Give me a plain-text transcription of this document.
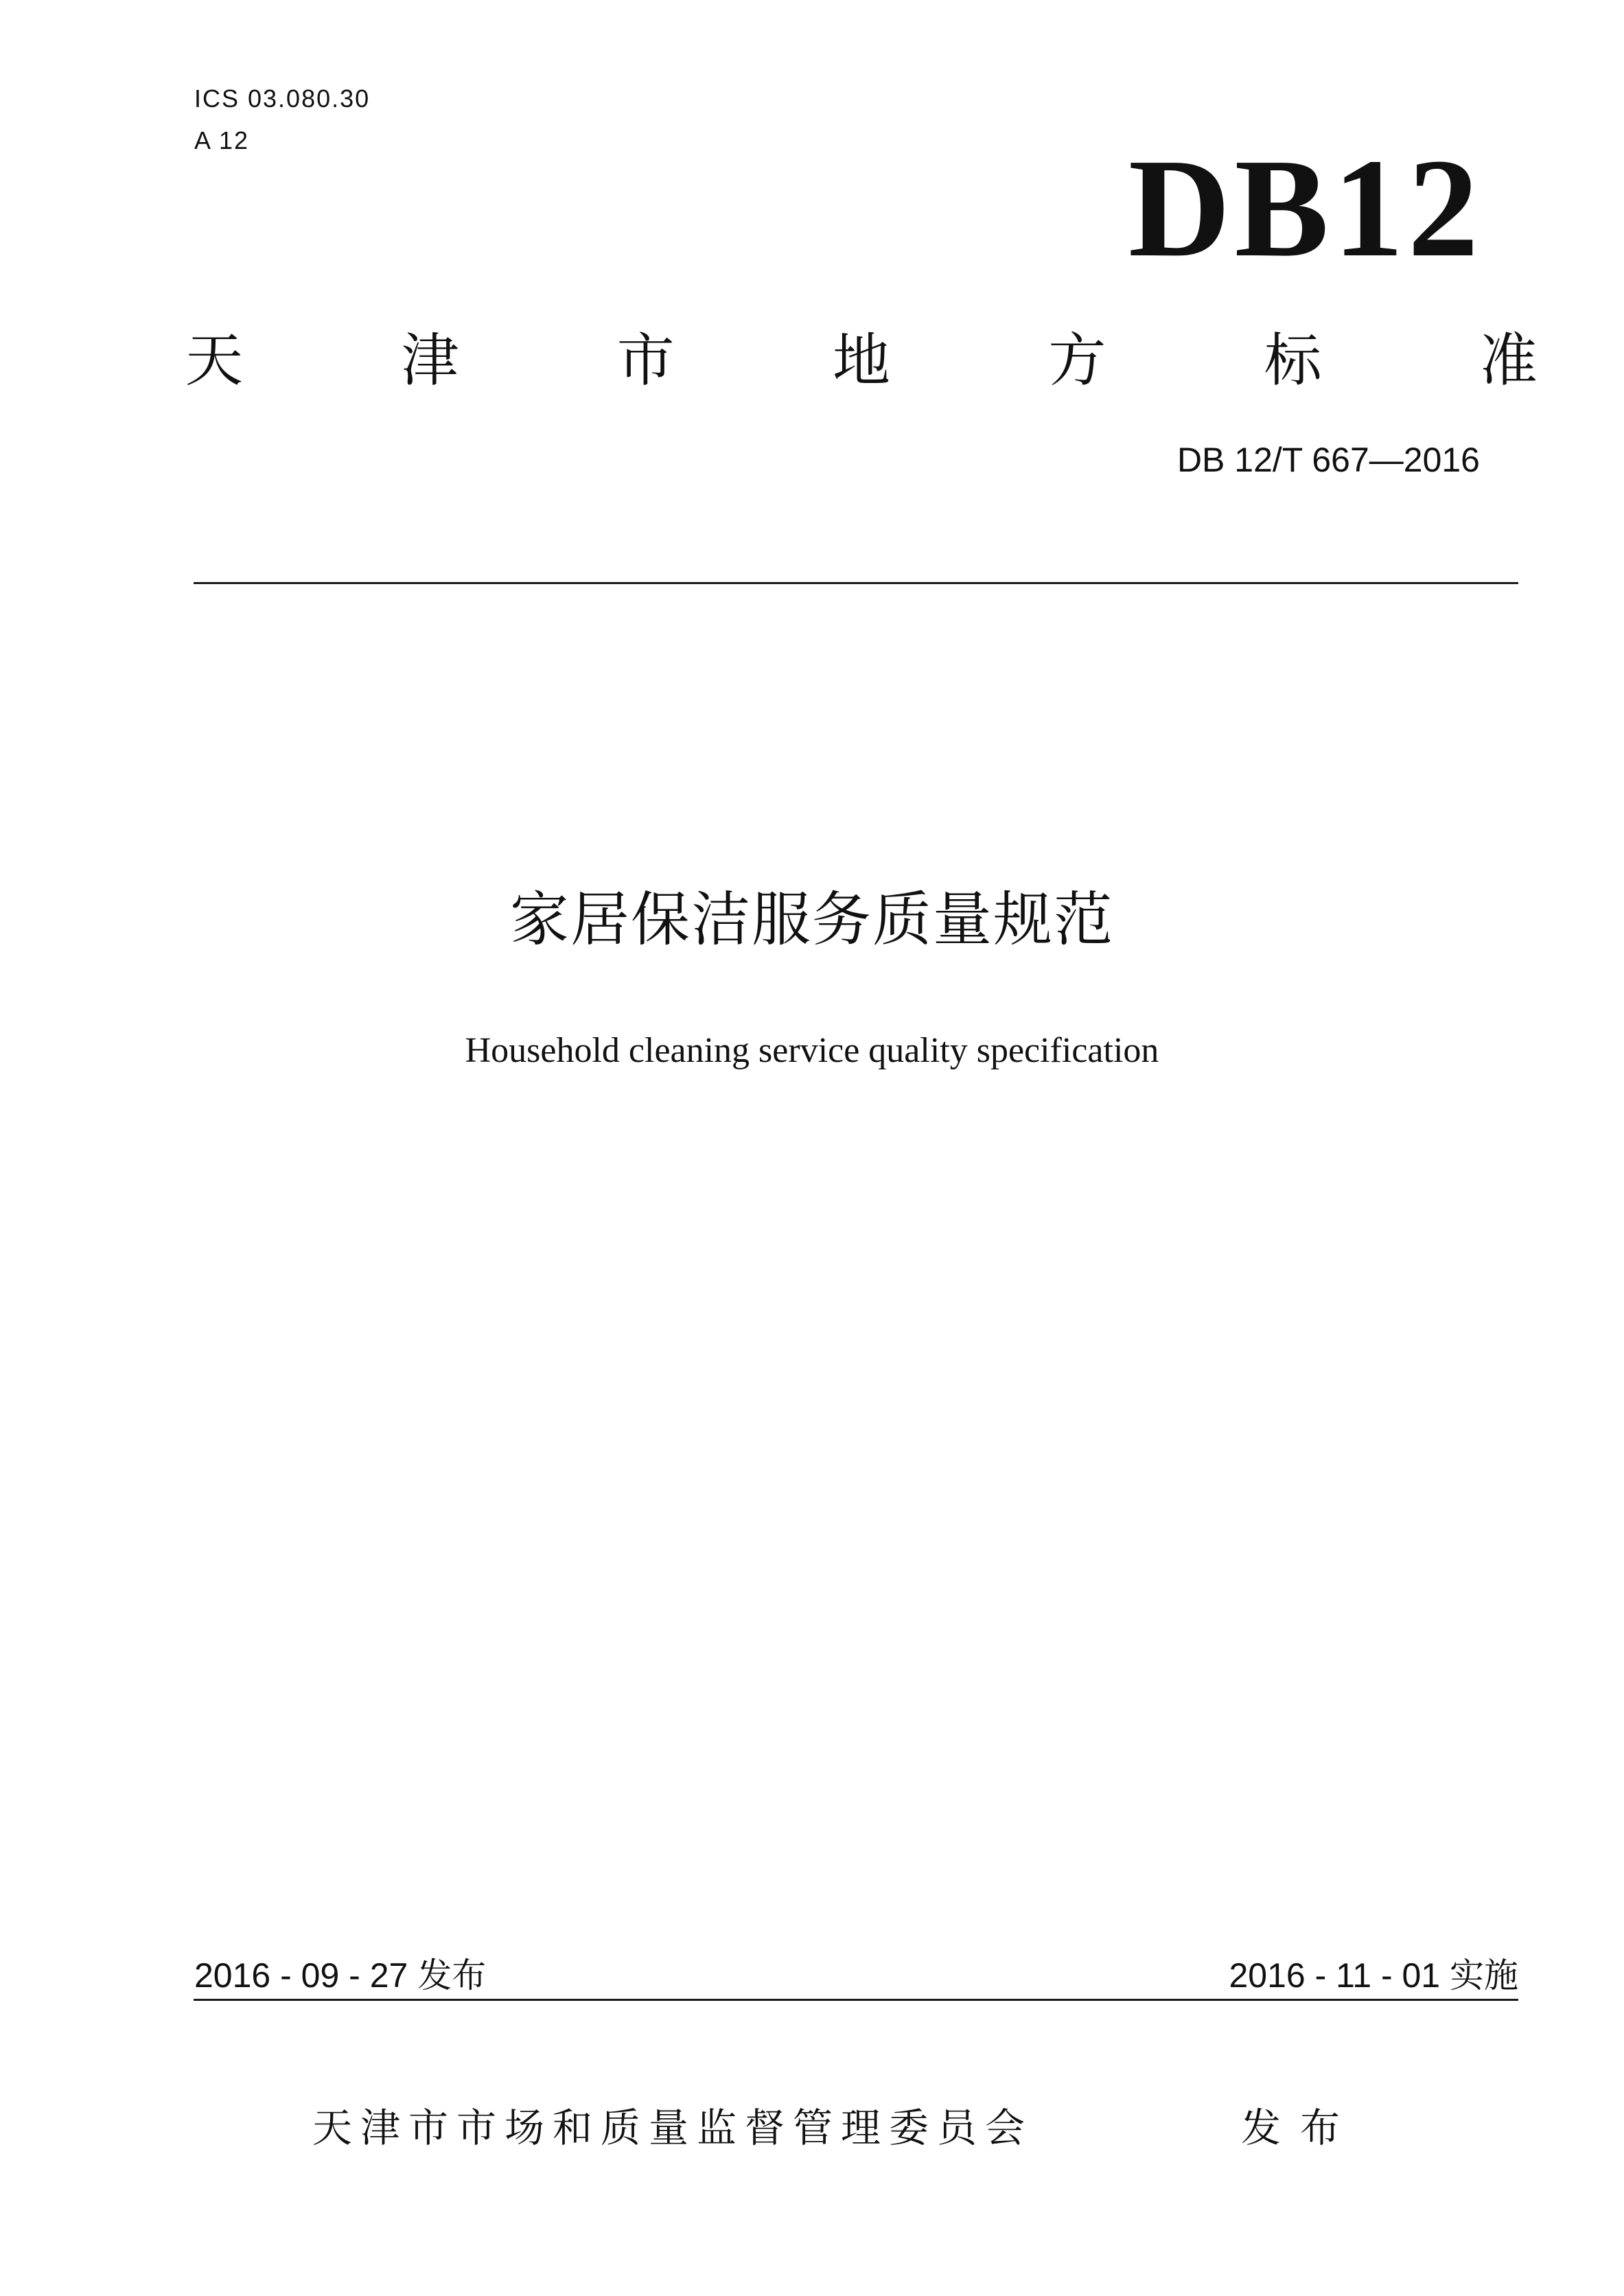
ICS 03.080.30
A 12	DB12
天	津	市	地	方	标	准
DB 12/T 667—2016
家居保洁服务质量规范
Household cleaning service quality specification
2016 - 09 - 27 发布	2016 - 11 - 01 实施
天津市市场和质量监督管理委员会	发布
